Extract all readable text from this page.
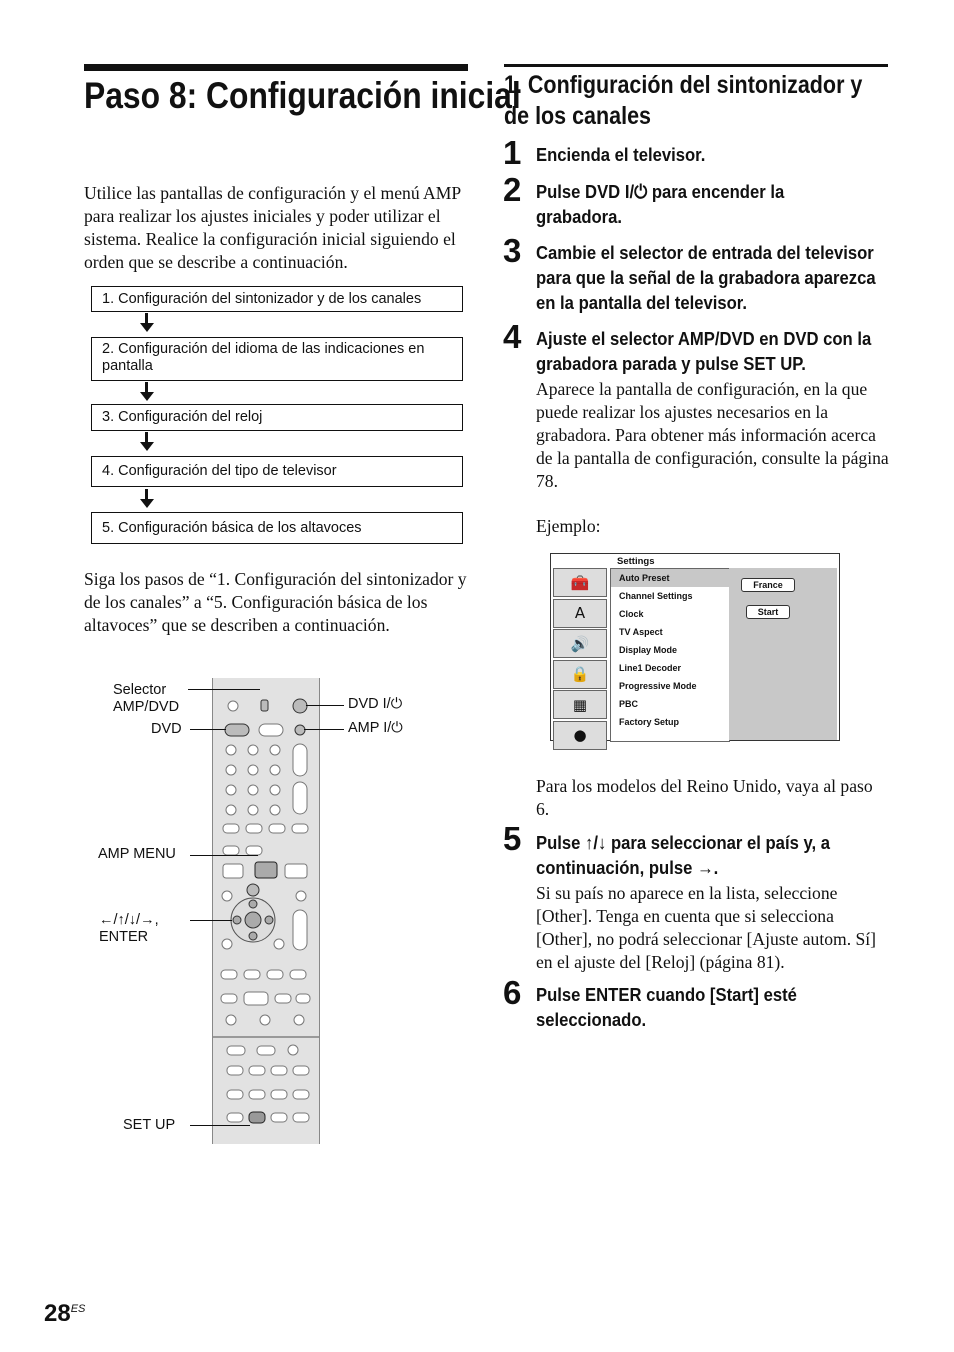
Paso 8: Configuración inicial
Utilice las pantallas de configuración y el menú AMP para realizar los ajustes iniciales y poder utilizar el sistema. Realice la configuración inicial siguiendo el orden que se describe a continuación.
1. Configuración del sintonizador y de los canales
2. Configuración del idioma de las indicaciones en pantalla
3. Configuración del reloj
4. Configuración del tipo de televisor
5. Configuración básica de los altavoces
Siga los pasos de “1. Configuración del sintonizador y de los canales” a “5. Configuración básica de los altavoces” que se describen a continuación.
Selector AMP/DVD
DVD
DVD I/⏻
AMP I/⏻
AMP MENU
←/↑/↓/→,
ENTER
SET UP
1. Configuración del sintonizador y de los canales
1 Encienda el televisor.
2 Pulse DVD I/⏻ para encender la grabadora.
3 Cambie el selector de entrada del televisor para que la señal de la grabadora aparezca en la pantalla del televisor.
4 Ajuste el selector AMP/DVD en DVD con la grabadora parada y pulse SET UP.
Aparece la pantalla de configuración, en la que puede realizar los ajustes necesarios en la grabadora. Para obtener más información acerca de la pantalla de configuración, consulte la página 78.
Ejemplo:
Settings
🧰
A
🔊
🔒
▦
●
Auto Preset
Channel Settings
Clock
TV Aspect
Display Mode
Line1 Decoder
Progressive Mode
PBC
Factory Setup
France
Start
Para los modelos del Reino Unido, vaya al paso 6.
5 Pulse ↑/↓ para seleccionar el país y, a continuación, pulse →.
Si su país no aparece en la lista, seleccione [Other]. Tenga en cuenta que si selecciona [Other], no podrá seleccionar [Ajuste autom. Sí] en el ajuste del [Reloj] (página 81).
6 Pulse ENTER cuando [Start] esté seleccionado.
$28^{ES}$
